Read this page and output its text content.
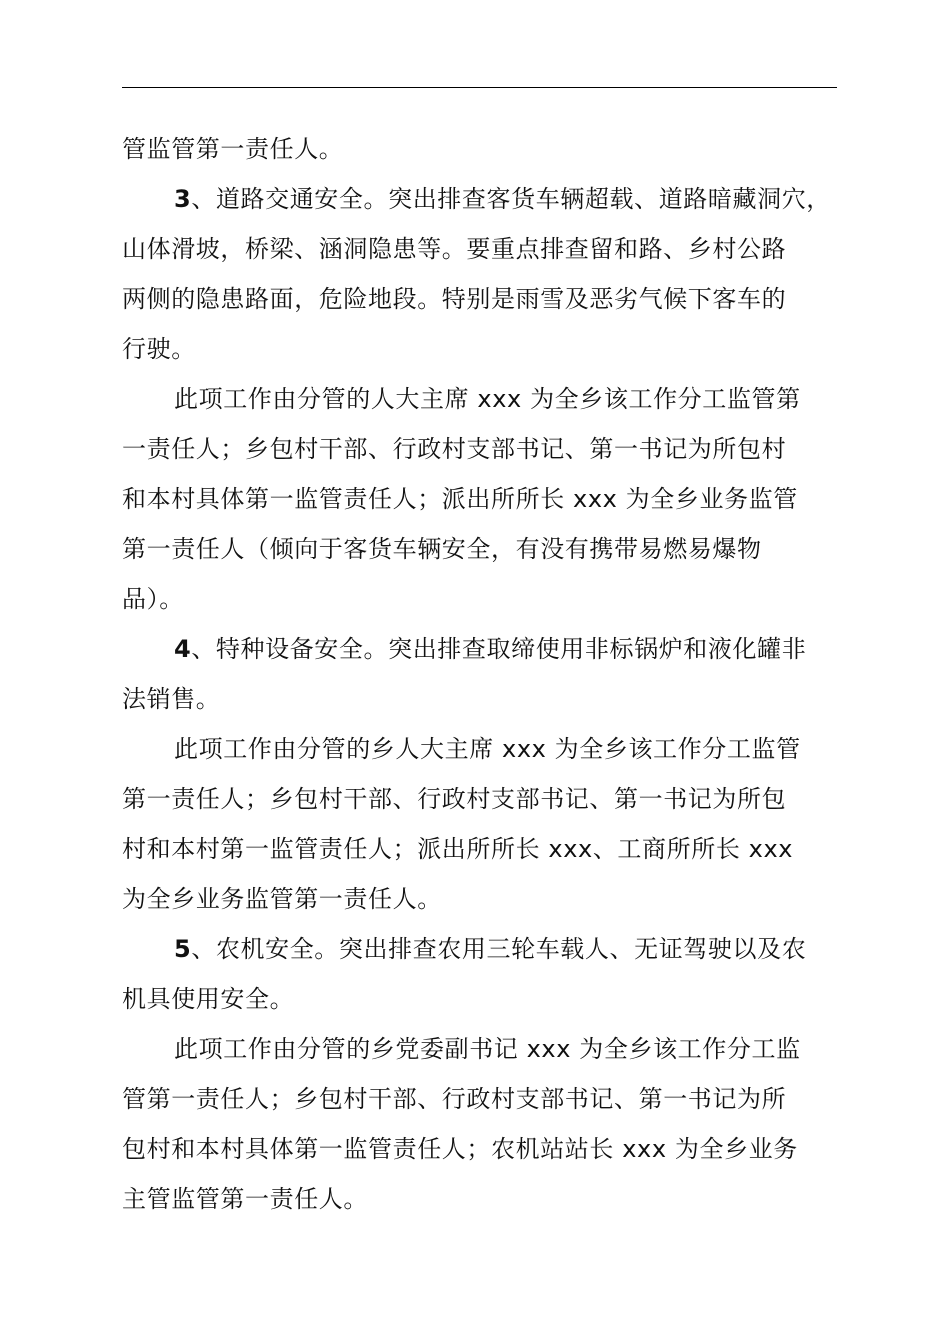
管监管第一责任人。

3、道路交通安全。突出排查客货车辆超载、道路暗藏洞穴，

山体滑坡，桥梁、涵洞隐患等。要重点排查留和路、乡村公路

两侧的隐患路面，危险地段。特别是雨雪及恶劣气候下客车的

行驶。

此项工作由分管的人大主席 xxx 为全乡该工作分工监管第

一责任人；乡包村干部、行政村支部书记、第一书记为所包村

和本村具体第一监管责任人；派出所所长 xxx 为全乡业务监管

第一责任人（倾向于客货车辆安全，有没有携带易燃易爆物

品）。

4、特种设备安全。突出排查取缔使用非标锅炉和液化罐非

法销售。

此项工作由分管的乡人大主席 xxx 为全乡该工作分工监管

第一责任人；乡包村干部、行政村支部书记、第一书记为所包

村和本村第一监管责任人；派出所所长 xxx、工商所所长 xxx

为全乡业务监管第一责任人。

5、农机安全。突出排查农用三轮车载人、无证驾驶以及农

机具使用安全。

此项工作由分管的乡党委副书记 xxx 为全乡该工作分工监

管第一责任人；乡包村干部、行政村支部书记、第一书记为所

包村和本村具体第一监管责任人；农机站站长 xxx 为全乡业务

主管监管第一责任人。
